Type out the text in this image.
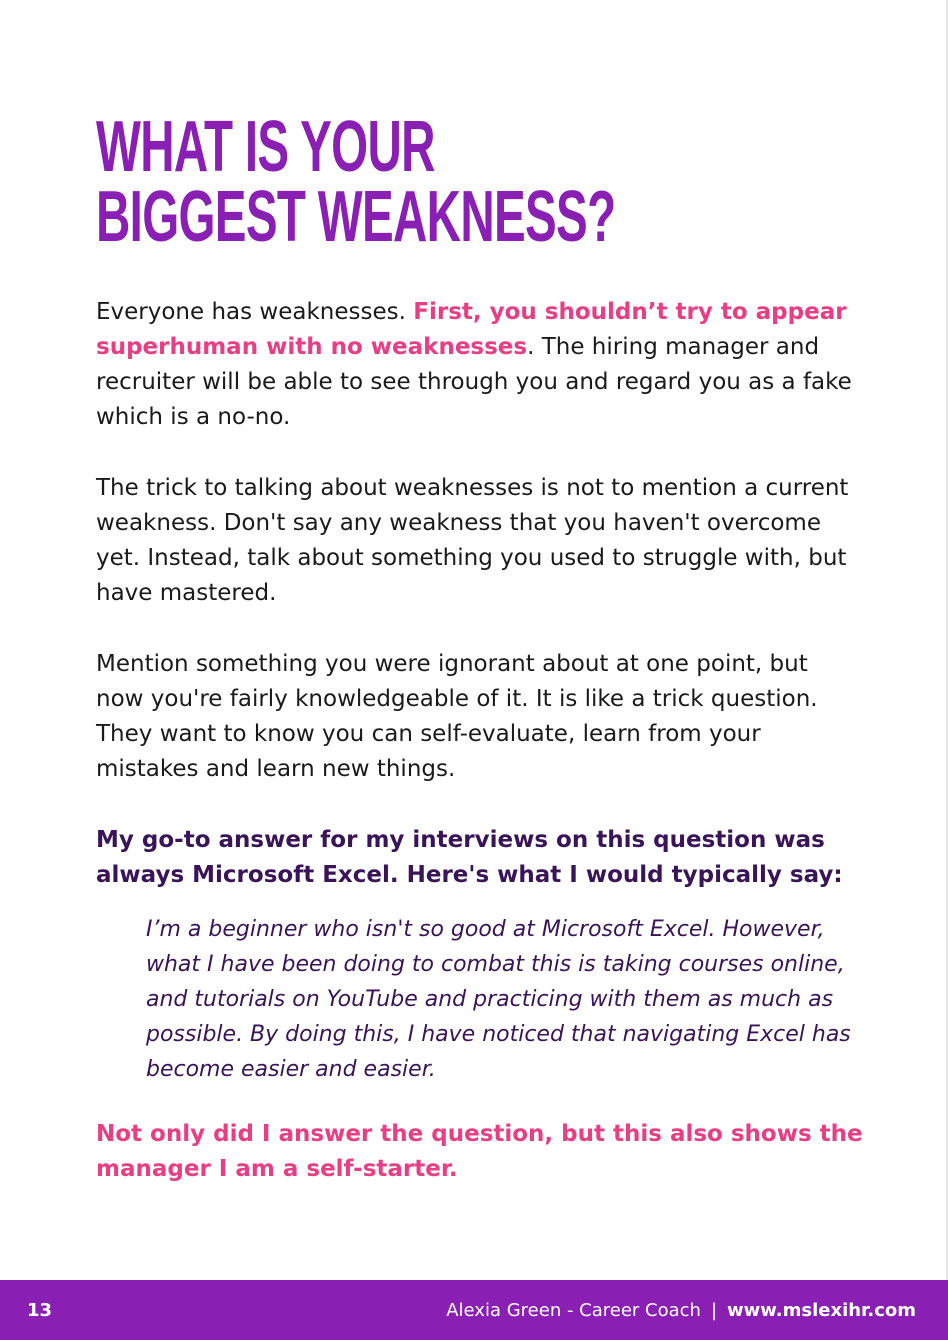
WHAT IS YOUR
BIGGEST WEAKNESS?

Everyone has weaknesses. First, you shouldn’t try to appear superhuman with no weaknesses. The hiring manager and recruiter will be able to see through you and regard you as a fake which is a no-no.

The trick to talking about weaknesses is not to mention a current weakness. Don't say any weakness that you haven't overcome yet. Instead, talk about something you used to struggle with, but have mastered.

Mention something you were ignorant about at one point, but now you're fairly knowledgeable of it. It is like a trick question. They want to know you can self-evaluate, learn from your mistakes and learn new things.

My go-to answer for my interviews on this question was always Microsoft Excel. Here's what I would typically say:

I’m a beginner who isn't so good at Microsoft Excel. However, what I have been doing to combat this is taking courses online, and tutorials on YouTube and practicing with them as much as possible. By doing this, I have noticed that navigating Excel has become easier and easier.

Not only did I answer the question, but this also shows the manager I am a self-starter.

13	Alexia Green - Career Coach | www.mslexihr.com
